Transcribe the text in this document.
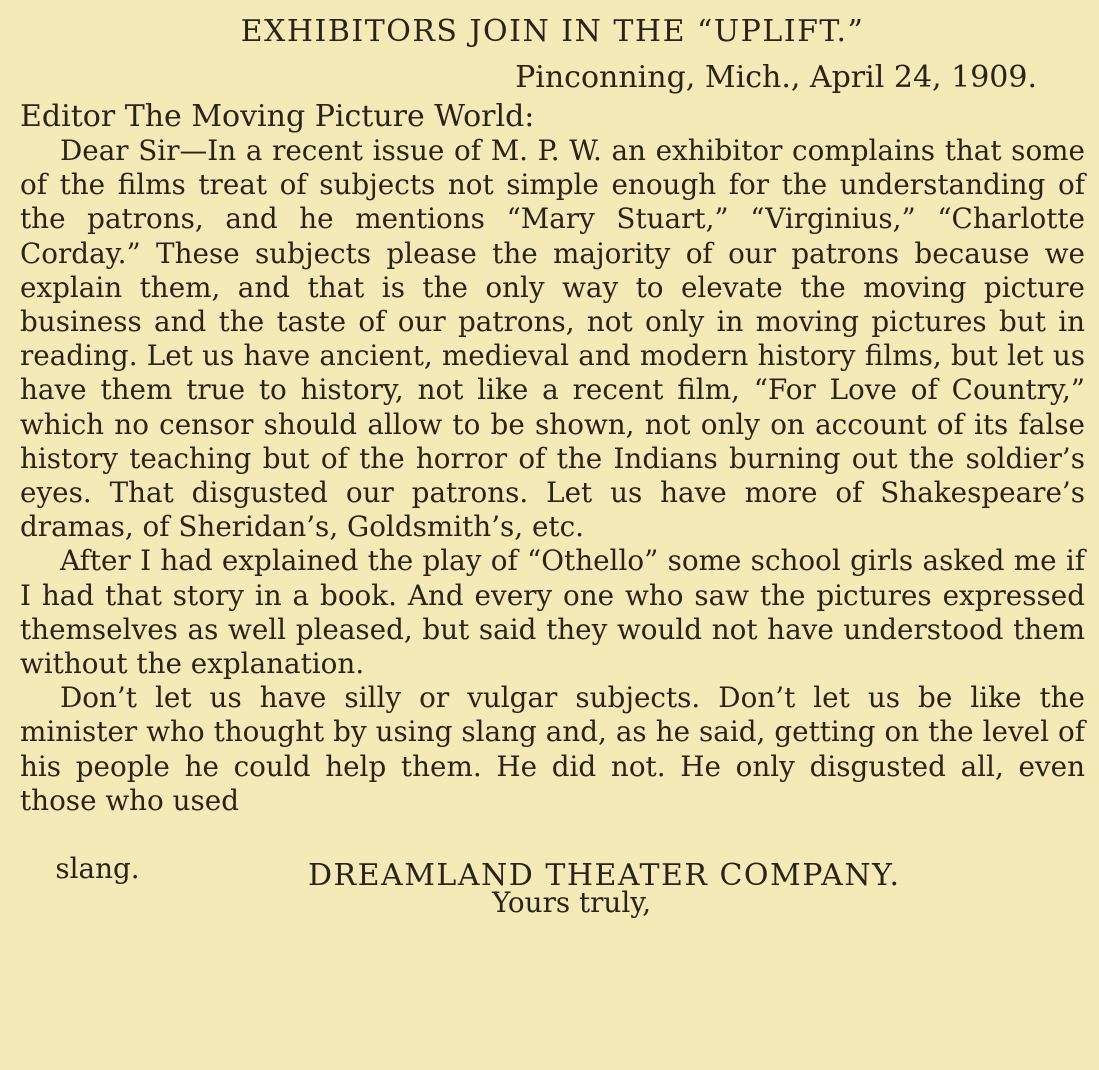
EXHIBITORS JOIN IN THE “UPLIFT.”
Pinconning, Mich., April 24, 1909.
Editor The Moving Picture World:

Dear Sir—In a recent issue of M. P. W. an exhibitor complains that some of the films treat of subjects not simple enough for the understanding of the patrons, and he mentions “Mary Stuart,” “Virginius,” “Charlotte Corday.” These subjects please the majority of our patrons because we explain them, and that is the only way to elevate the moving picture business and the taste of our patrons, not only in moving pictures but in reading. Let us have ancient, medieval and modern history films, but let us have them true to history, not like a recent film, “For Love of Country,” which no censor should allow to be shown, not only on account of its false history teaching but of the horror of the Indians burning out the soldier’s eyes. That disgusted our patrons. Let us have more of Shakespeare’s dramas, of Sheridan’s, Goldsmith’s, etc.

After I had explained the play of “Othello” some school girls asked me if I had that story in a book. And every one who saw the pictures expressed themselves as well pleased, but said they would not have understood them without the explanation.

Don’t let us have silly or vulgar subjects. Don’t let us be like the minister who thought by using slang and, as he said, getting on the level of his people he could help them. He did not. He only disgusted all, even those who used

slang.

Yours truly,

DREAMLAND THEATER COMPANY.
